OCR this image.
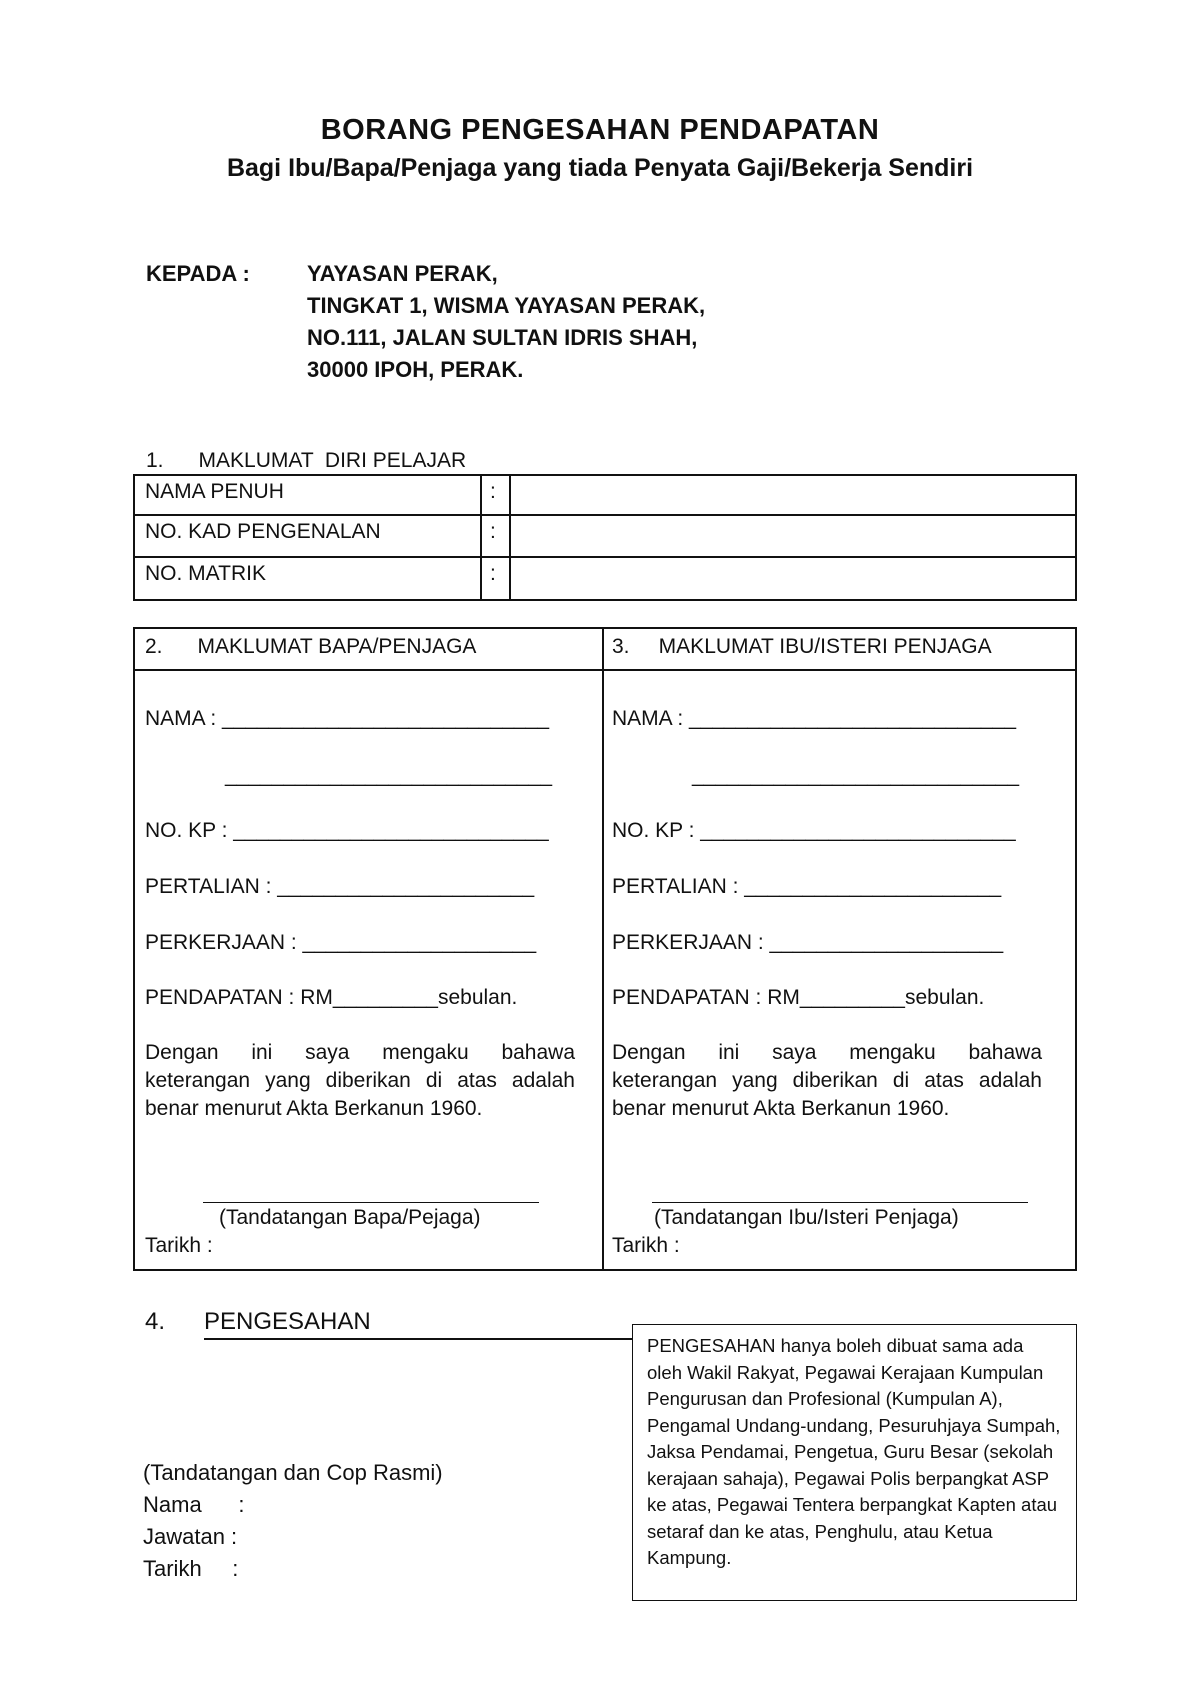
BORANG PENGESAHAN PENDAPATAN
Bagi Ibu/Bapa/Penjaga yang tiada Penyata Gaji/Bekerja Sendiri
KEPADA :	YAYASAN PERAK,
TINGKAT 1, WISMA YAYASAN PERAK,
NO.111, JALAN SULTAN IDRIS SHAH,
30000 IPOH, PERAK.
1.      MAKLUMAT  DIRI PELAJAR
NAMA PENUH	:
NO. KAD PENGENALAN	:
NO. MATRIK	:
2.      MAKLUMAT BAPA/PENJAGA
NAMA : ____________________________
____________________________
NO. KP : ___________________________
PERTALIAN : ______________________
PERKERJAAN : ____________________
PENDAPATAN : RM_________sebulan.
Dengan ini saya mengaku bahawa keterangan yang diberikan di atas adalah benar menurut Akta Berkanun 1960.
(Tandatangan Bapa/Pejaga)
Tarikh :
3.     MAKLUMAT IBU/ISTERI PENJAGA
NAMA : ____________________________
____________________________
NO. KP : ___________________________
PERTALIAN : ______________________
PERKERJAAN : ____________________
PENDAPATAN : RM_________sebulan.
Dengan ini saya mengaku bahawa keterangan yang diberikan di atas adalah benar menurut Akta Berkanun 1960.
(Tandatangan Ibu/Isteri Penjaga)
Tarikh :
4. PENGESAHAN
(Tandatangan dan Cop Rasmi)
Nama      :
Jawatan :
Tarikh     :
PENGESAHAN hanya boleh dibuat sama ada oleh Wakil Rakyat, Pegawai Kerajaan Kumpulan Pengurusan dan Profesional (Kumpulan A), Pengamal Undang-undang, Pesuruhjaya Sumpah, Jaksa Pendamai, Pengetua, Guru Besar (sekolah kerajaan sahaja), Pegawai Polis berpangkat ASP ke atas, Pegawai Tentera berpangkat Kapten atau setaraf dan ke atas, Penghulu, atau Ketua Kampung.
